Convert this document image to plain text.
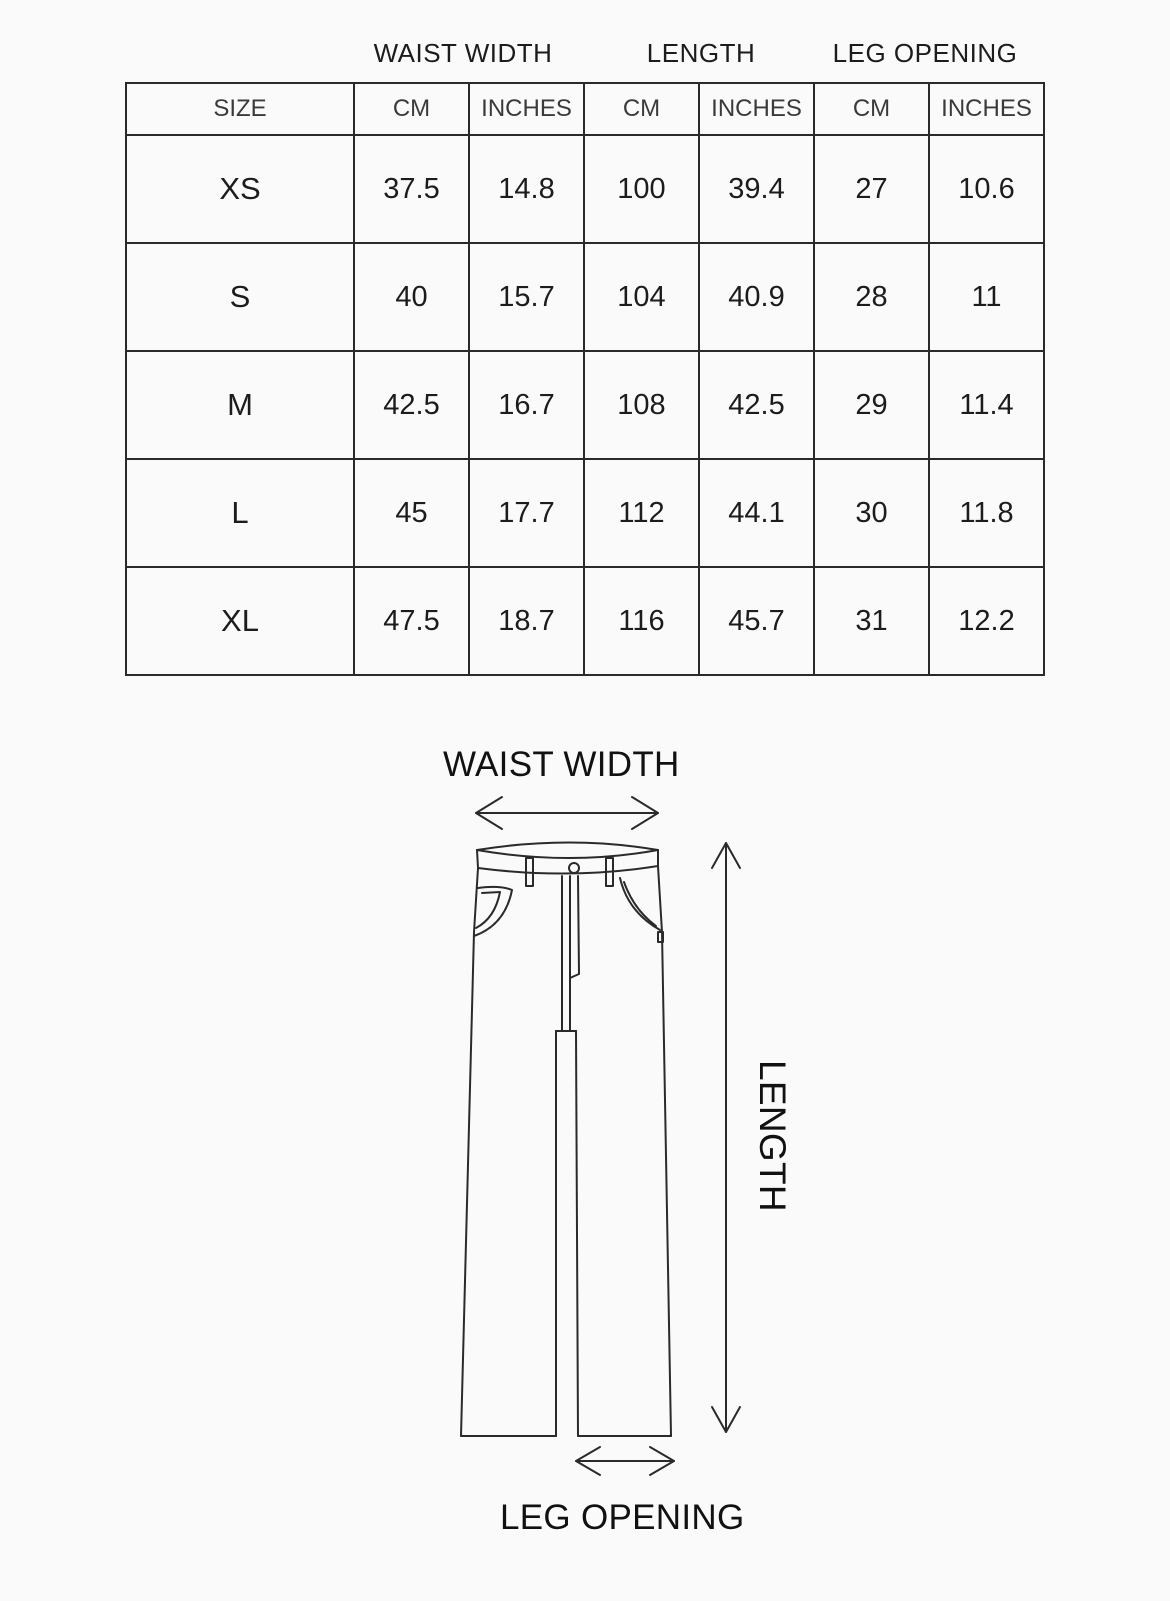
WAIST WIDTH	LENGTH	LEG OPENING
SIZE	CM	INCHES	CM	INCHES	CM	INCHES
XS	37.5	14.8	100	39.4	27	10.6
S	40	15.7	104	40.9	28	11
M	42.5	16.7	108	42.5	29	11.4
L	45	17.7	112	44.1	30	11.8
XL	47.5	18.7	116	45.7	31	12.2
WAIST WIDTH
LENGTH
LEG OPENING
